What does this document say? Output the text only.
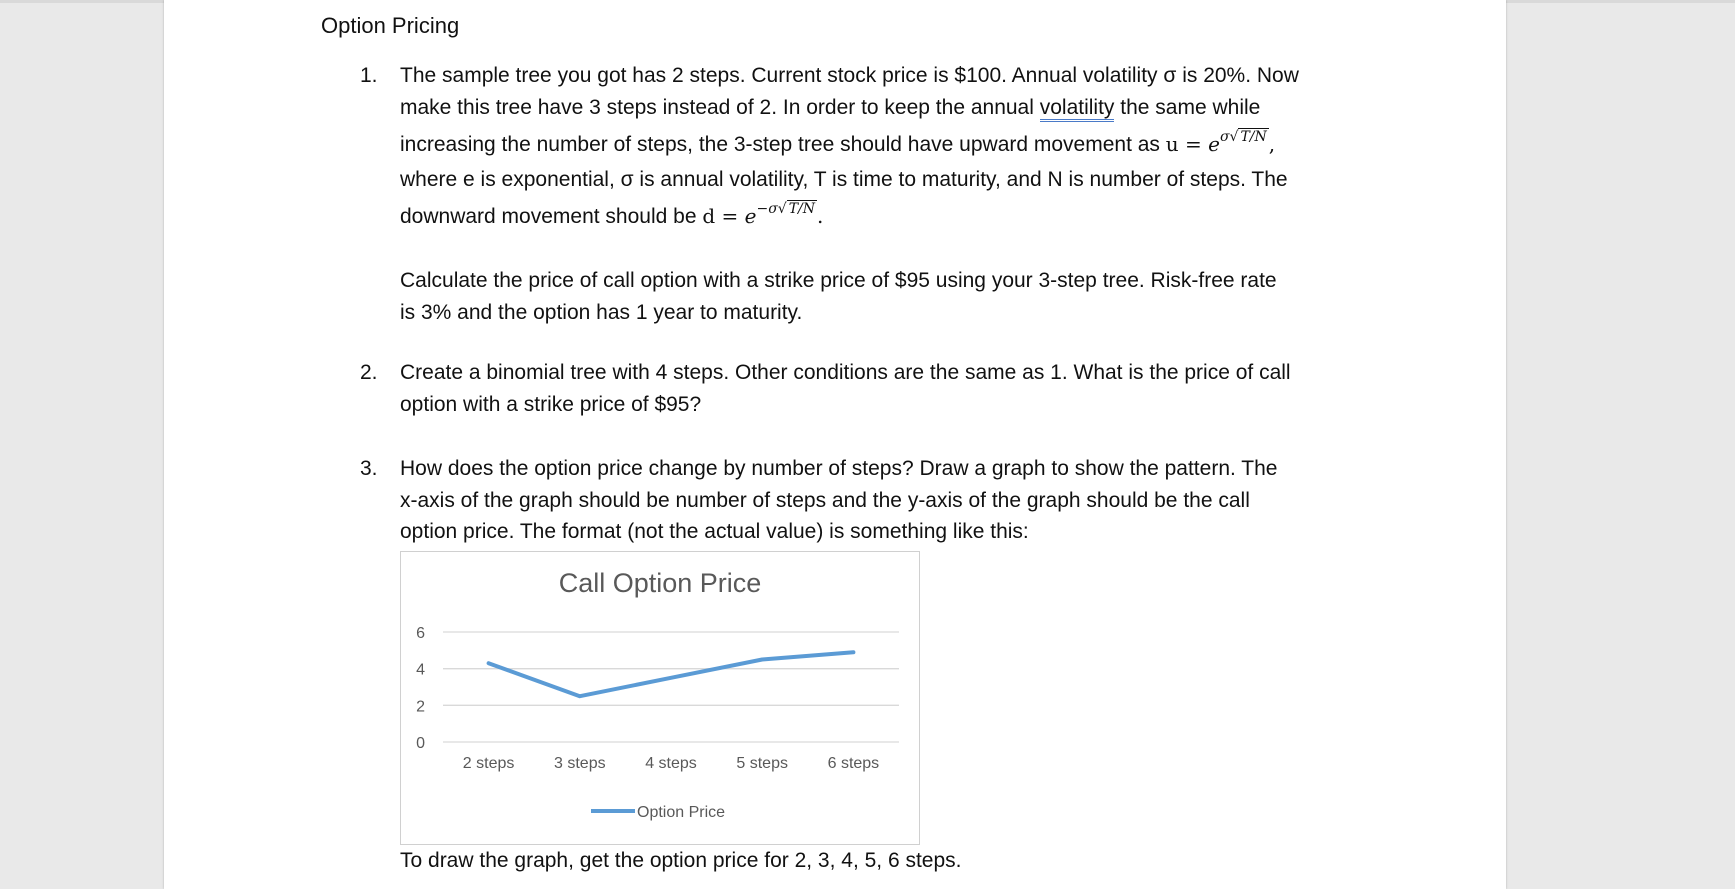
Option Pricing
1. The sample tree you got has 2 steps. Current stock price is $100. Annual volatility σ is 20%. Now
make this tree have 3 steps instead of 2. In order to keep the annual volatility the same while
increasing the number of steps, the 3-step tree should have upward movement as $u = e^{\sigma√ T/N}$ ,
where e is exponential, σ is annual volatility, T is time to maturity, and N is number of steps. The
downward movement should be $d = e^{-\sigma√ T/N}$ .
Calculate the price of call option with a strike price of $95 using your 3-step tree. Risk-free rate
is 3% and the option has 1 year to maturity.
2. Create a binomial tree with 4 steps. Other conditions are the same as 1. What is the price of call
option with a strike price of $95?
3. How does the option price change by number of steps? Draw a graph to show the pattern. The
x-axis of the graph should be number of steps and the y-axis of the graph should be the call
option price. The format (not the actual value) is something like this:
Call Option Price
0
2
4
6
2 steps 3 steps 4 steps 5 steps 6 steps
Option Price
To draw the graph, get the option price for 2, 3, 4, 5, 6 steps.
